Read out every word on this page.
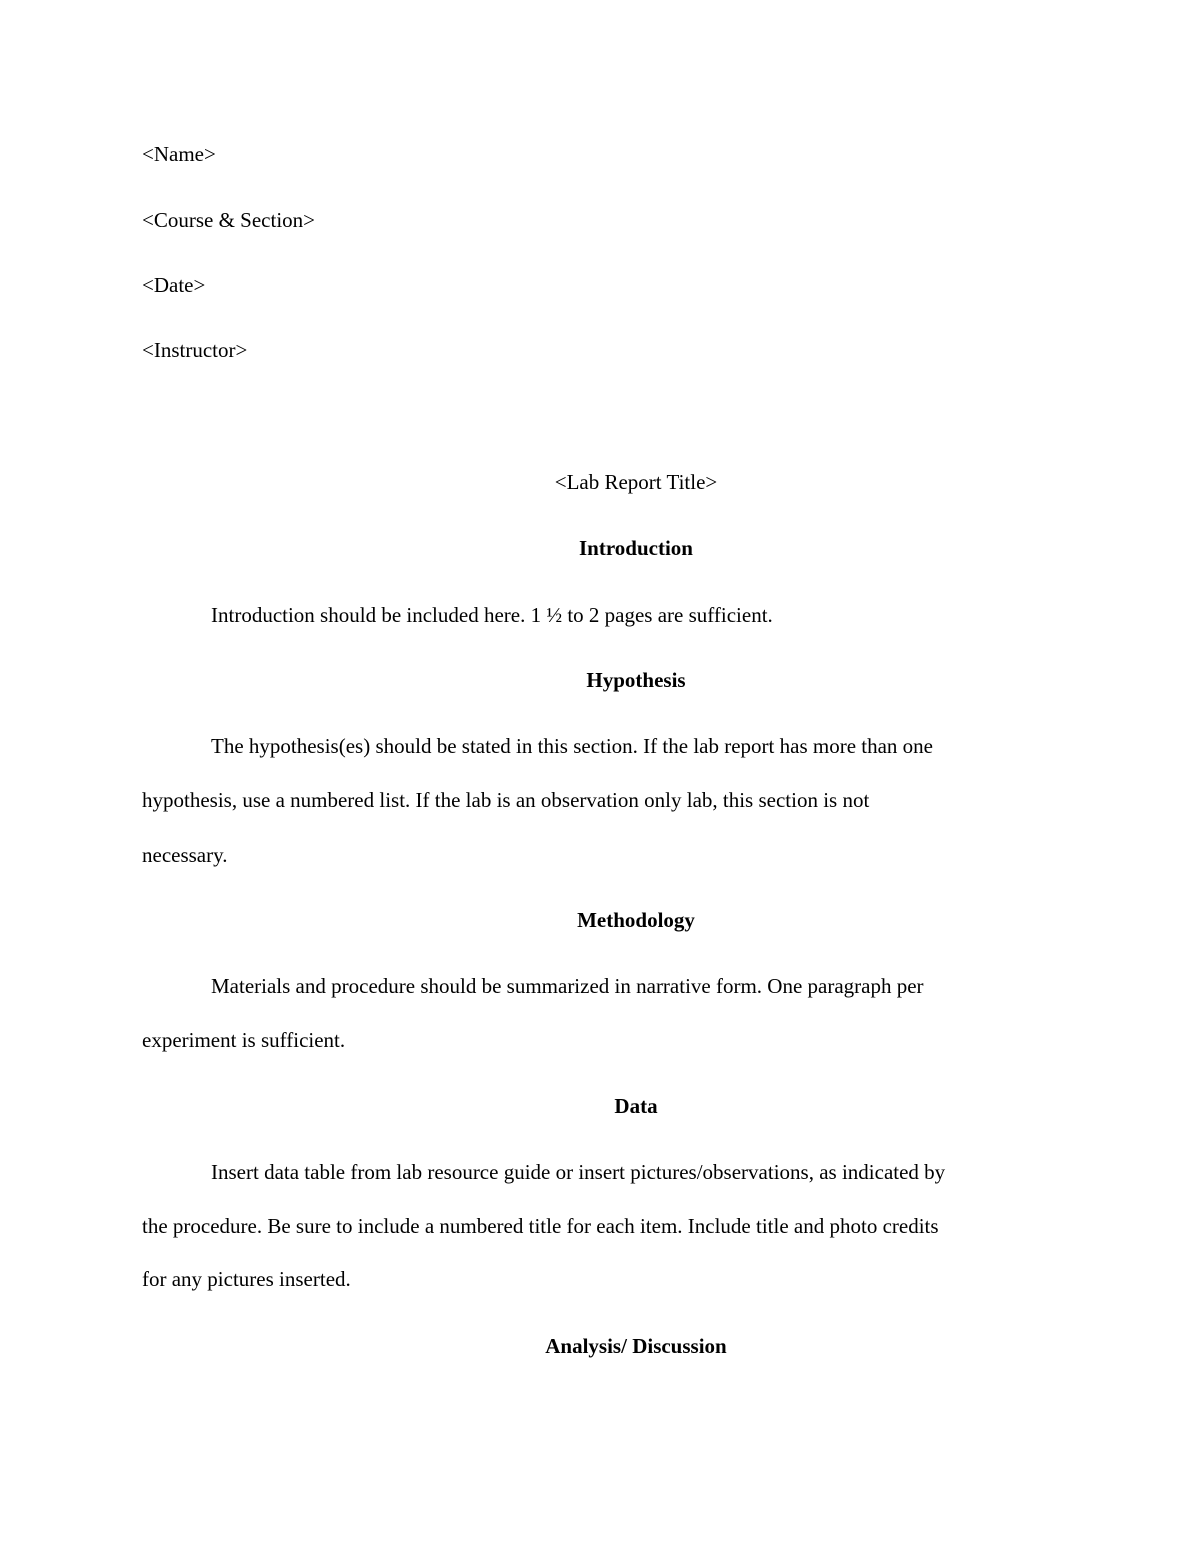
<Name>
<Course & Section>
<Date>
<Instructor>
<Lab Report Title>
Introduction
Introduction should be included here. 1 ½ to 2 pages are sufficient.
Hypothesis
The hypothesis(es) should be stated in this section. If the lab report has more than one
hypothesis, use a numbered list. If the lab is an observation only lab, this section is not
necessary.
Methodology
Materials and procedure should be summarized in narrative form. One paragraph per
experiment is sufficient.
Data
Insert data table from lab resource guide or insert pictures/observations, as indicated by
the procedure. Be sure to include a numbered title for each item. Include title and photo credits
for any pictures inserted.
Analysis/ Discussion
